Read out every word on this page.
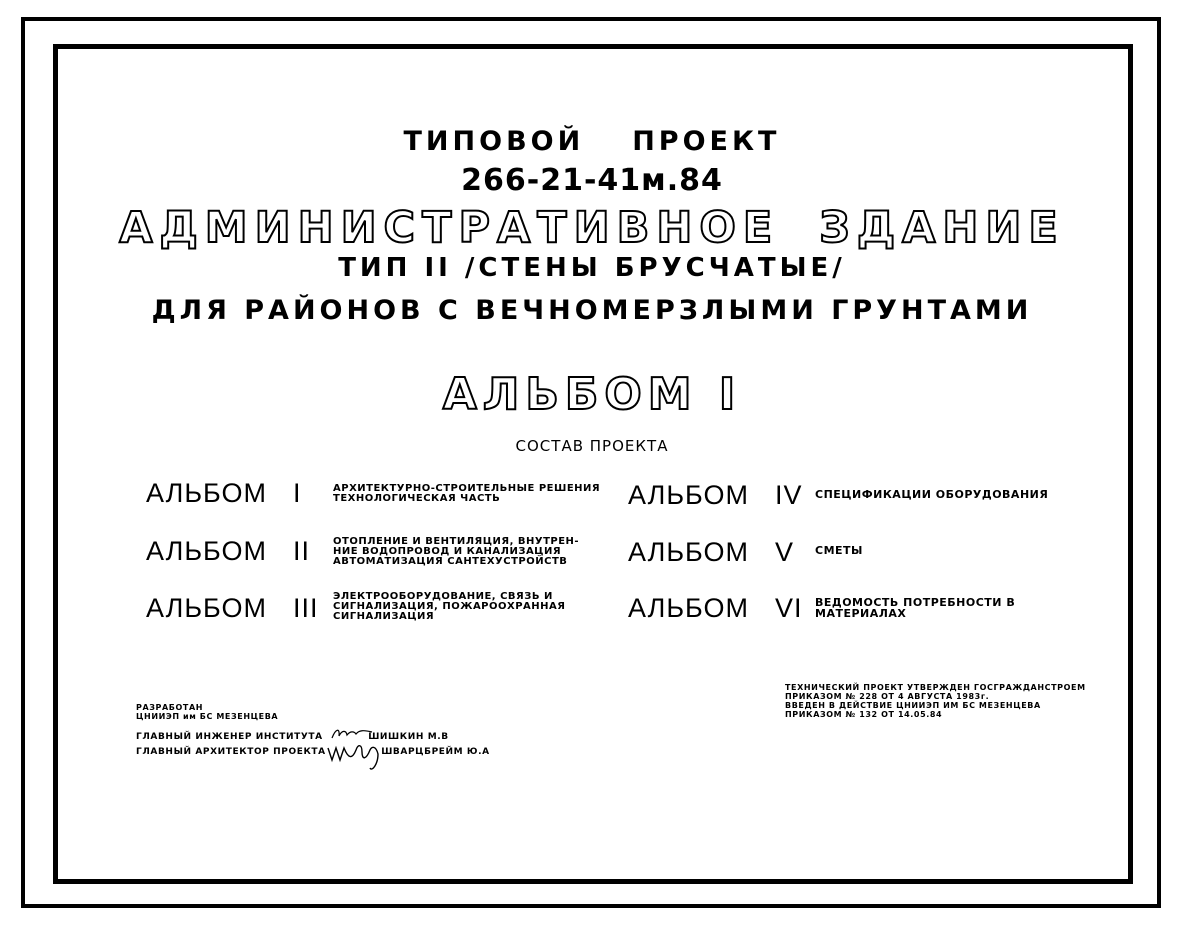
ТИПОВОЙ ПРОЕКТ
266-21-41м.84
АДМИНИСТРАТИВНОЕ ЗДАНИЕ
ТИП II /СТЕНЫ БРУСЧАТЫЕ/
ДЛЯ РАЙОНОВ С ВЕЧНОМЕРЗЛЫМИ ГРУНТАМИ
АЛЬБОМ I
СОСТАВ ПРОЕКТА
АЛЬБОМ I	АРХИТЕКТУРНО-СТРОИТЕЛЬНЫЕ РЕШЕНИЯ
ТЕХНОЛОГИЧЕСКАЯ ЧАСТЬ
АЛЬБОМ II ОТОПЛЕНИЕ И ВЕНТИЛЯЦИЯ, ВНУТРЕН-
НИЕ ВОДОПРОВОД И КАНАЛИЗАЦИЯ
АВТОМАТИЗАЦИЯ САНТЕХУСТРОЙСТВ
АЛЬБОМ III ЭЛЕКТРООБОРУДОВАНИЕ, СВЯЗЬ И
СИГНАЛИЗАЦИЯ, ПОЖАРООХРАННАЯ
СИГНАЛИЗАЦИЯ
АЛЬБОМ IV СПЕЦИФИКАЦИИ ОБОРУДОВАНИЯ
АЛЬБОМ V СМЕТЫ
АЛЬБОМ VI ВЕДОМОСТЬ ПОТРЕБНОСТИ В
МАТЕРИАЛАХ
РАЗРАБОТАН
ЦНИИЭП им БС МЕЗЕНЦЕВА
ГЛАВНЫЙ ИНЖЕНЕР ИНСТИТУТА	ШИШКИН М.В
ГЛАВНЫЙ АРХИТЕКТОР ПРОЕКТА	ШВАРЦБРЕЙМ Ю.А
ТЕХНИЧЕСКИЙ ПРОЕКТ УТВЕРЖДЕН ГОСГРАЖДАНСТРОЕМ
ПРИКАЗОМ № 228 ОТ 4 АВГУСТА 1983г.
ВВЕДЕН В ДЕЙСТВИЕ ЦНИИЭП ИМ БС МЕЗЕНЦЕВА
ПРИКАЗОМ № 132 ОТ 14.05.84
